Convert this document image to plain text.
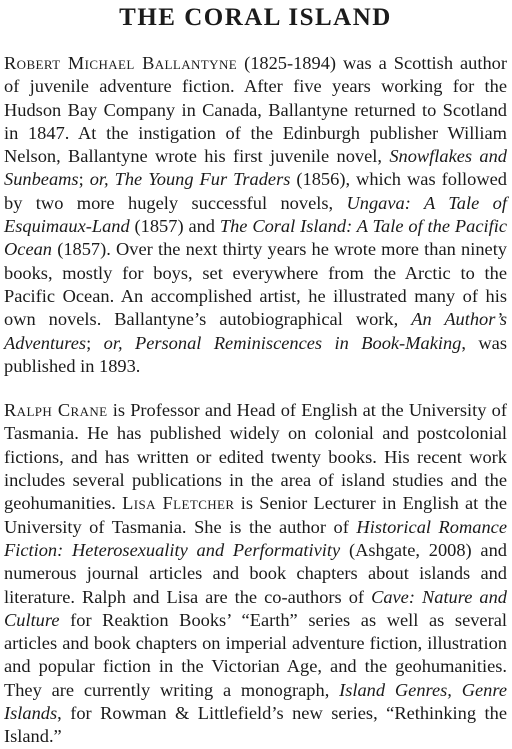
THE CORAL ISLAND

Robert Michael Ballantyne (1825-1894) was a Scottish author of juvenile adventure fiction. After five years working for the Hudson Bay Company in Canada, Ballantyne returned to Scotland in 1847. At the instigation of the Edinburgh publisher William Nelson, Ballantyne wrote his first juvenile novel, Snowflakes and Sunbeams; or, The Young Fur Traders (1856), which was followed by two more hugely successful novels, Ungava: A Tale of Esquimaux-Land (1857) and The Coral Island: A Tale of the Pacific Ocean (1857). Over the next thirty years he wrote more than ninety books, mostly for boys, set everywhere from the Arctic to the Pacific Ocean. An accomplished artist, he illustrated many of his own novels. Ballantyne’s autobiographical work, An Author’s Adventures; or, Personal Reminiscences in Book-Making, was published in 1893.

Ralph Crane is Professor and Head of English at the University of Tasmania. He has published widely on colonial and postcolonial fictions, and has written or edited twenty books. His recent work includes several publications in the area of island studies and the geohumanities. Lisa Fletcher is Senior Lecturer in English at the University of Tasmania. She is the author of Historical Romance Fiction: Heterosexuality and Performativity (Ashgate, 2008) and numerous journal articles and book chapters about islands and literature. Ralph and Lisa are the co-authors of Cave: Nature and Culture for Reaktion Books’ “Earth” series as well as several articles and book chapters on imperial adventure fiction, illustration and popular fiction in the Victorian Age, and the geohumanities. They are currently writing a monograph, Island Genres, Genre Islands, for Rowman & Littlefield’s new series, “Rethinking the Island.”
